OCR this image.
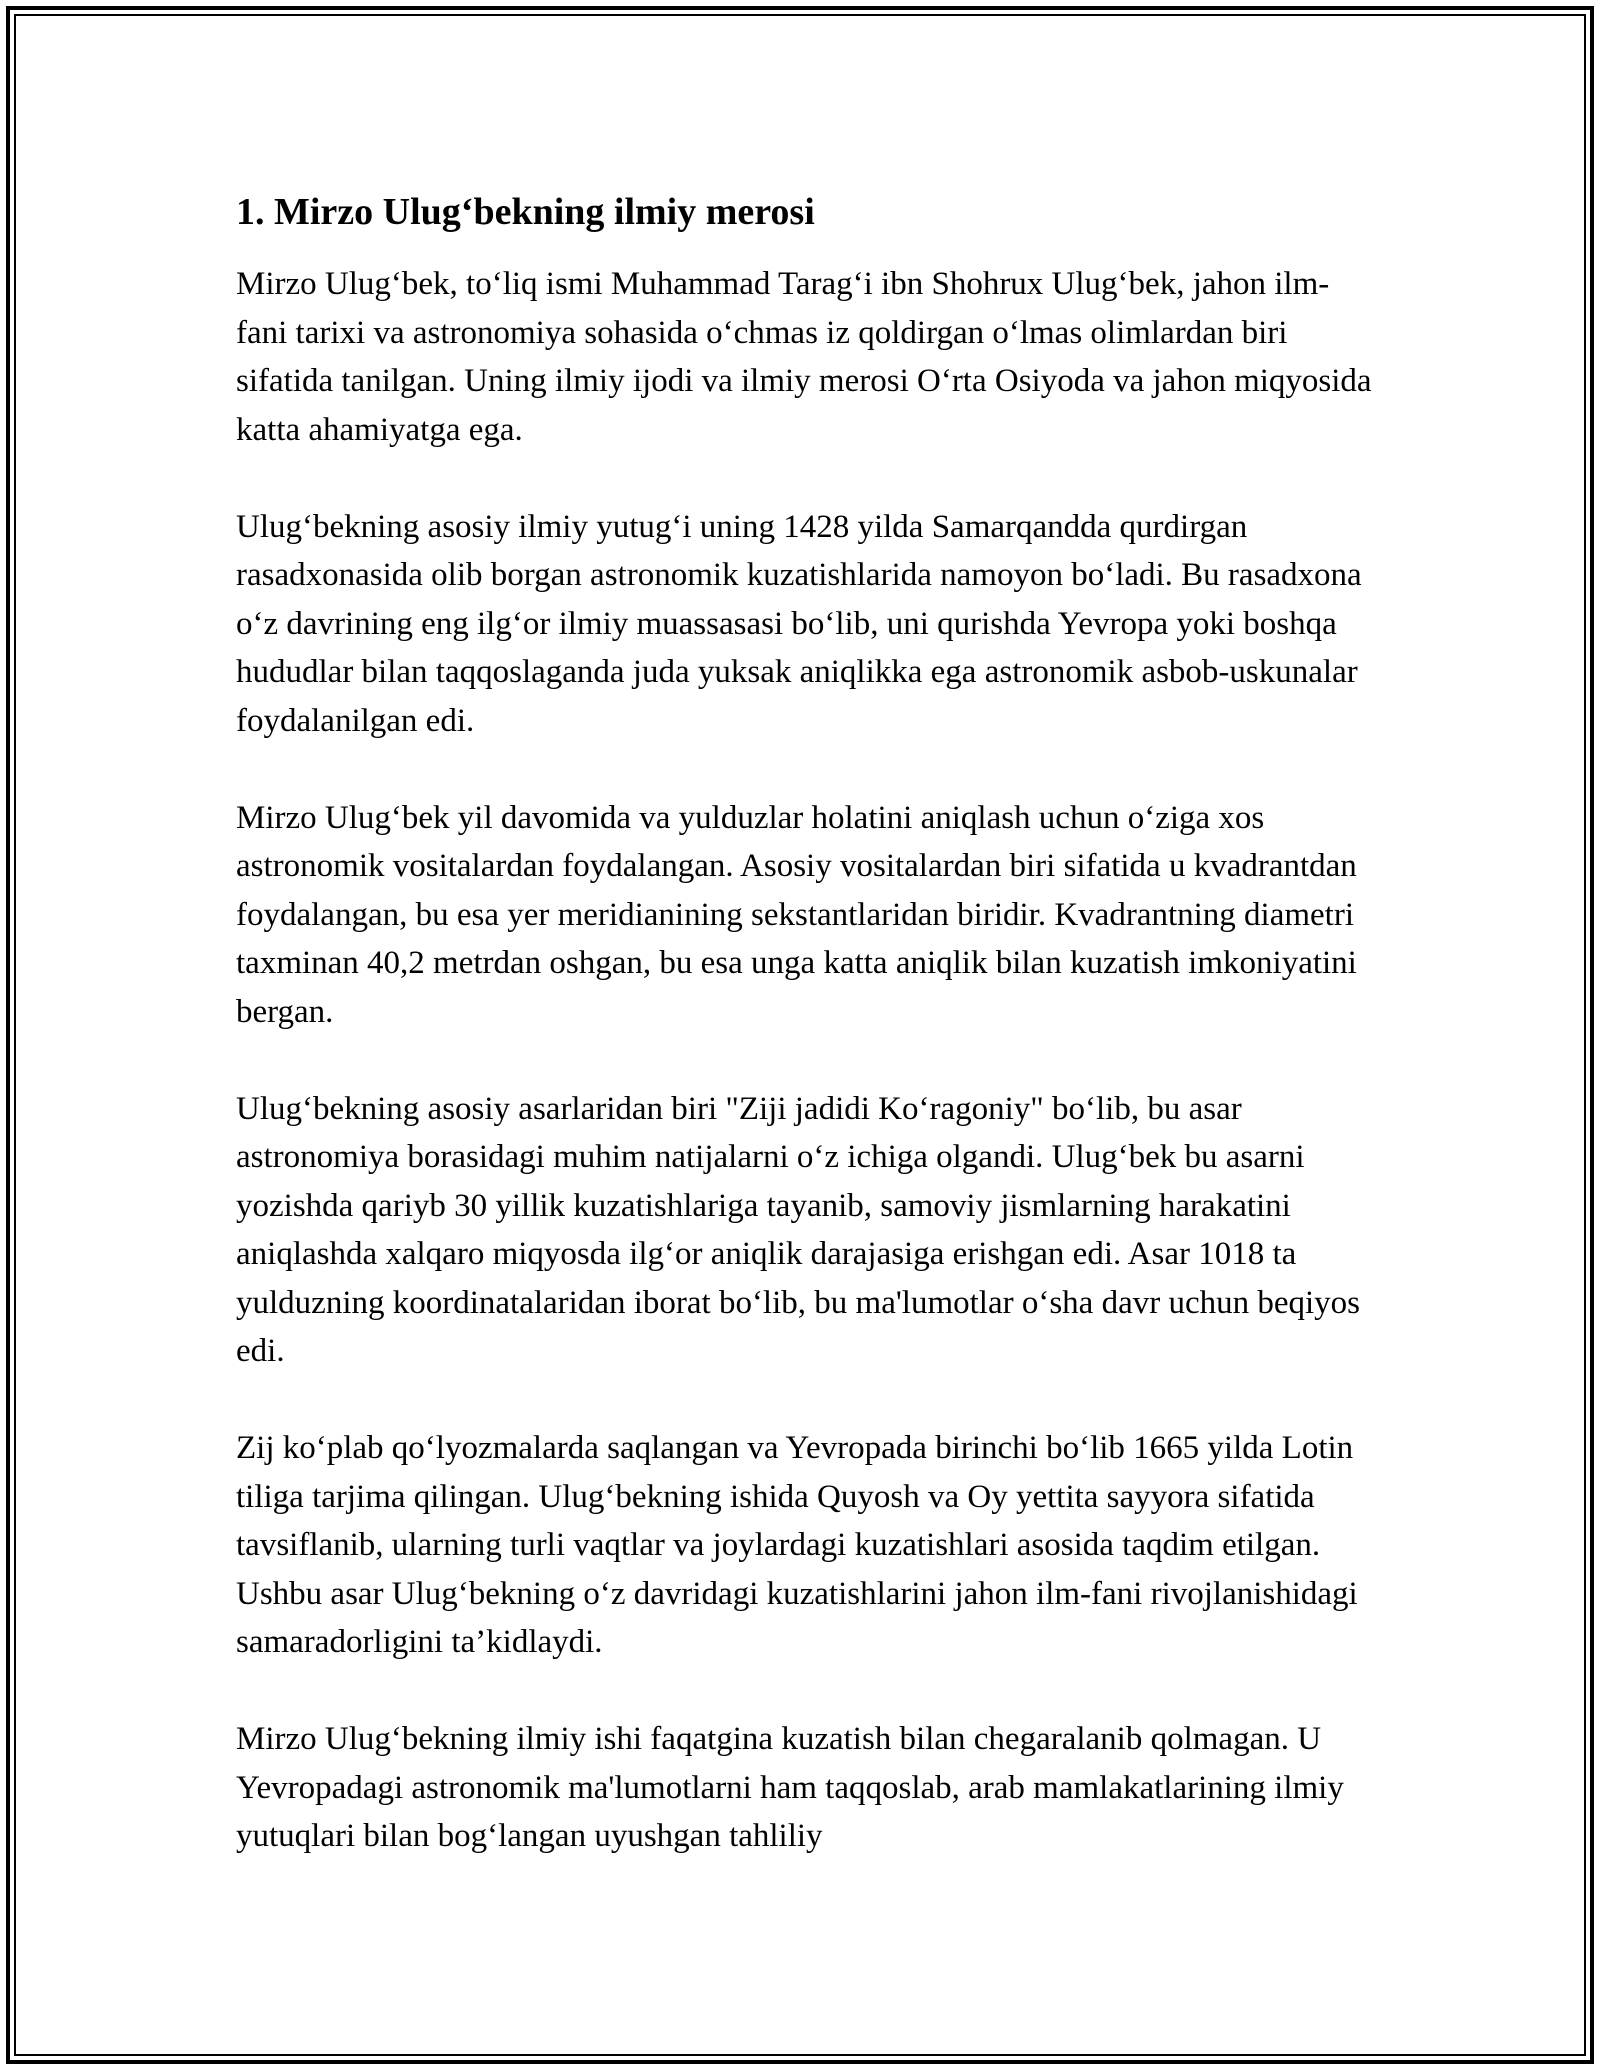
1. Mirzo Ulug‘bekning ilmiy merosi

Mirzo Ulug‘bek, to‘liq ismi Muhammad Tarag‘i ibn Shohrux Ulug‘bek, jahon ilm-fani tarixi va astronomiya sohasida o‘chmas iz qoldirgan o‘lmas olimlardan biri sifatida tanilgan. Uning ilmiy ijodi va ilmiy merosi O‘rta Osiyoda va jahon miqyosida katta ahamiyatga ega.

Ulug‘bekning asosiy ilmiy yutug‘i uning 1428 yilda Samarqandda qurdirgan rasadxonasida olib borgan astronomik kuzatishlarida namoyon bo‘ladi. Bu rasadxona o‘z davrining eng ilg‘or ilmiy muassasasi bo‘lib, uni qurishda Yevropa yoki boshqa hududlar bilan taqqoslaganda juda yuksak aniqlikka ega astronomik asbob-uskunalar foydalanilgan edi.

Mirzo Ulug‘bek yil davomida va yulduzlar holatini aniqlash uchun o‘ziga xos astronomik vositalardan foydalangan. Asosiy vositalardan biri sifatida u kvadrantdan foydalangan, bu esa yer meridianining sekstantlaridan biridir. Kvadrantning diametri taxminan 40,2 metrdan oshgan, bu esa unga katta aniqlik bilan kuzatish imkoniyatini bergan.

Ulug‘bekning asosiy asarlaridan biri "Ziji jadidi Ko‘ragoniy" bo‘lib, bu asar astronomiya borasidagi muhim natijalarni o‘z ichiga olgandi. Ulug‘bek bu asarni yozishda qariyb 30 yillik kuzatishlariga tayanib, samoviy jismlarning harakatini aniqlashda xalqaro miqyosda ilg‘or aniqlik darajasiga erishgan edi. Asar 1018 ta yulduzning koordinatalaridan iborat bo‘lib, bu ma'lumotlar o‘sha davr uchun beqiyos edi.

Zij ko‘plab qo‘lyozmalarda saqlangan va Yevropada birinchi bo‘lib 1665 yilda Lotin tiliga tarjima qilingan. Ulug‘bekning ishida Quyosh va Oy yettita sayyora sifatida tavsiflanib, ularning turli vaqtlar va joylardagi kuzatishlari asosida taqdim etilgan. Ushbu asar Ulug‘bekning o‘z davridagi kuzatishlarini jahon ilm-fani rivojlanishidagi samaradorligini ta’kidlaydi.

Mirzo Ulug‘bekning ilmiy ishi faqatgina kuzatish bilan chegaralanib qolmagan. U Yevropadagi astronomik ma'lumotlarni ham taqqoslab, arab mamlakatlarining ilmiy yutuqlari bilan bog‘langan uyushgan tahliliy
